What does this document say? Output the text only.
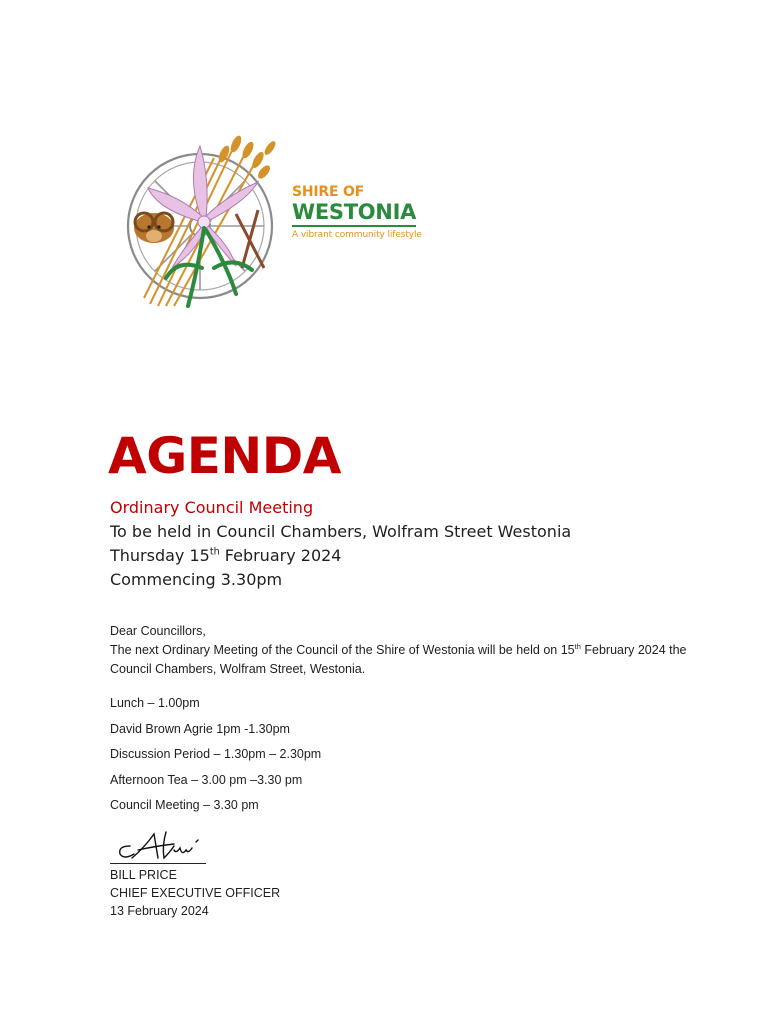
SHIRE OF
WESTONIA
A vibrant community lifestyle
AGENDA
Ordinary Council Meeting
To be held in Council Chambers, Wolfram Street Westonia
Thursday 15th February 2024
Commencing 3.30pm
Dear Councillors,
The next Ordinary Meeting of the Council of the Shire of Westonia will be held on 15th February 2024 the Council Chambers, Wolfram Street, Westonia.
Lunch – 1.00pm
David Brown Agrie 1pm -1.30pm
Discussion Period – 1.30pm – 2.30pm
Afternoon Tea – 3.00 pm –3.30 pm
Council Meeting – 3.30 pm
BILL PRICE
CHIEF EXECUTIVE OFFICER
13 February 2024
